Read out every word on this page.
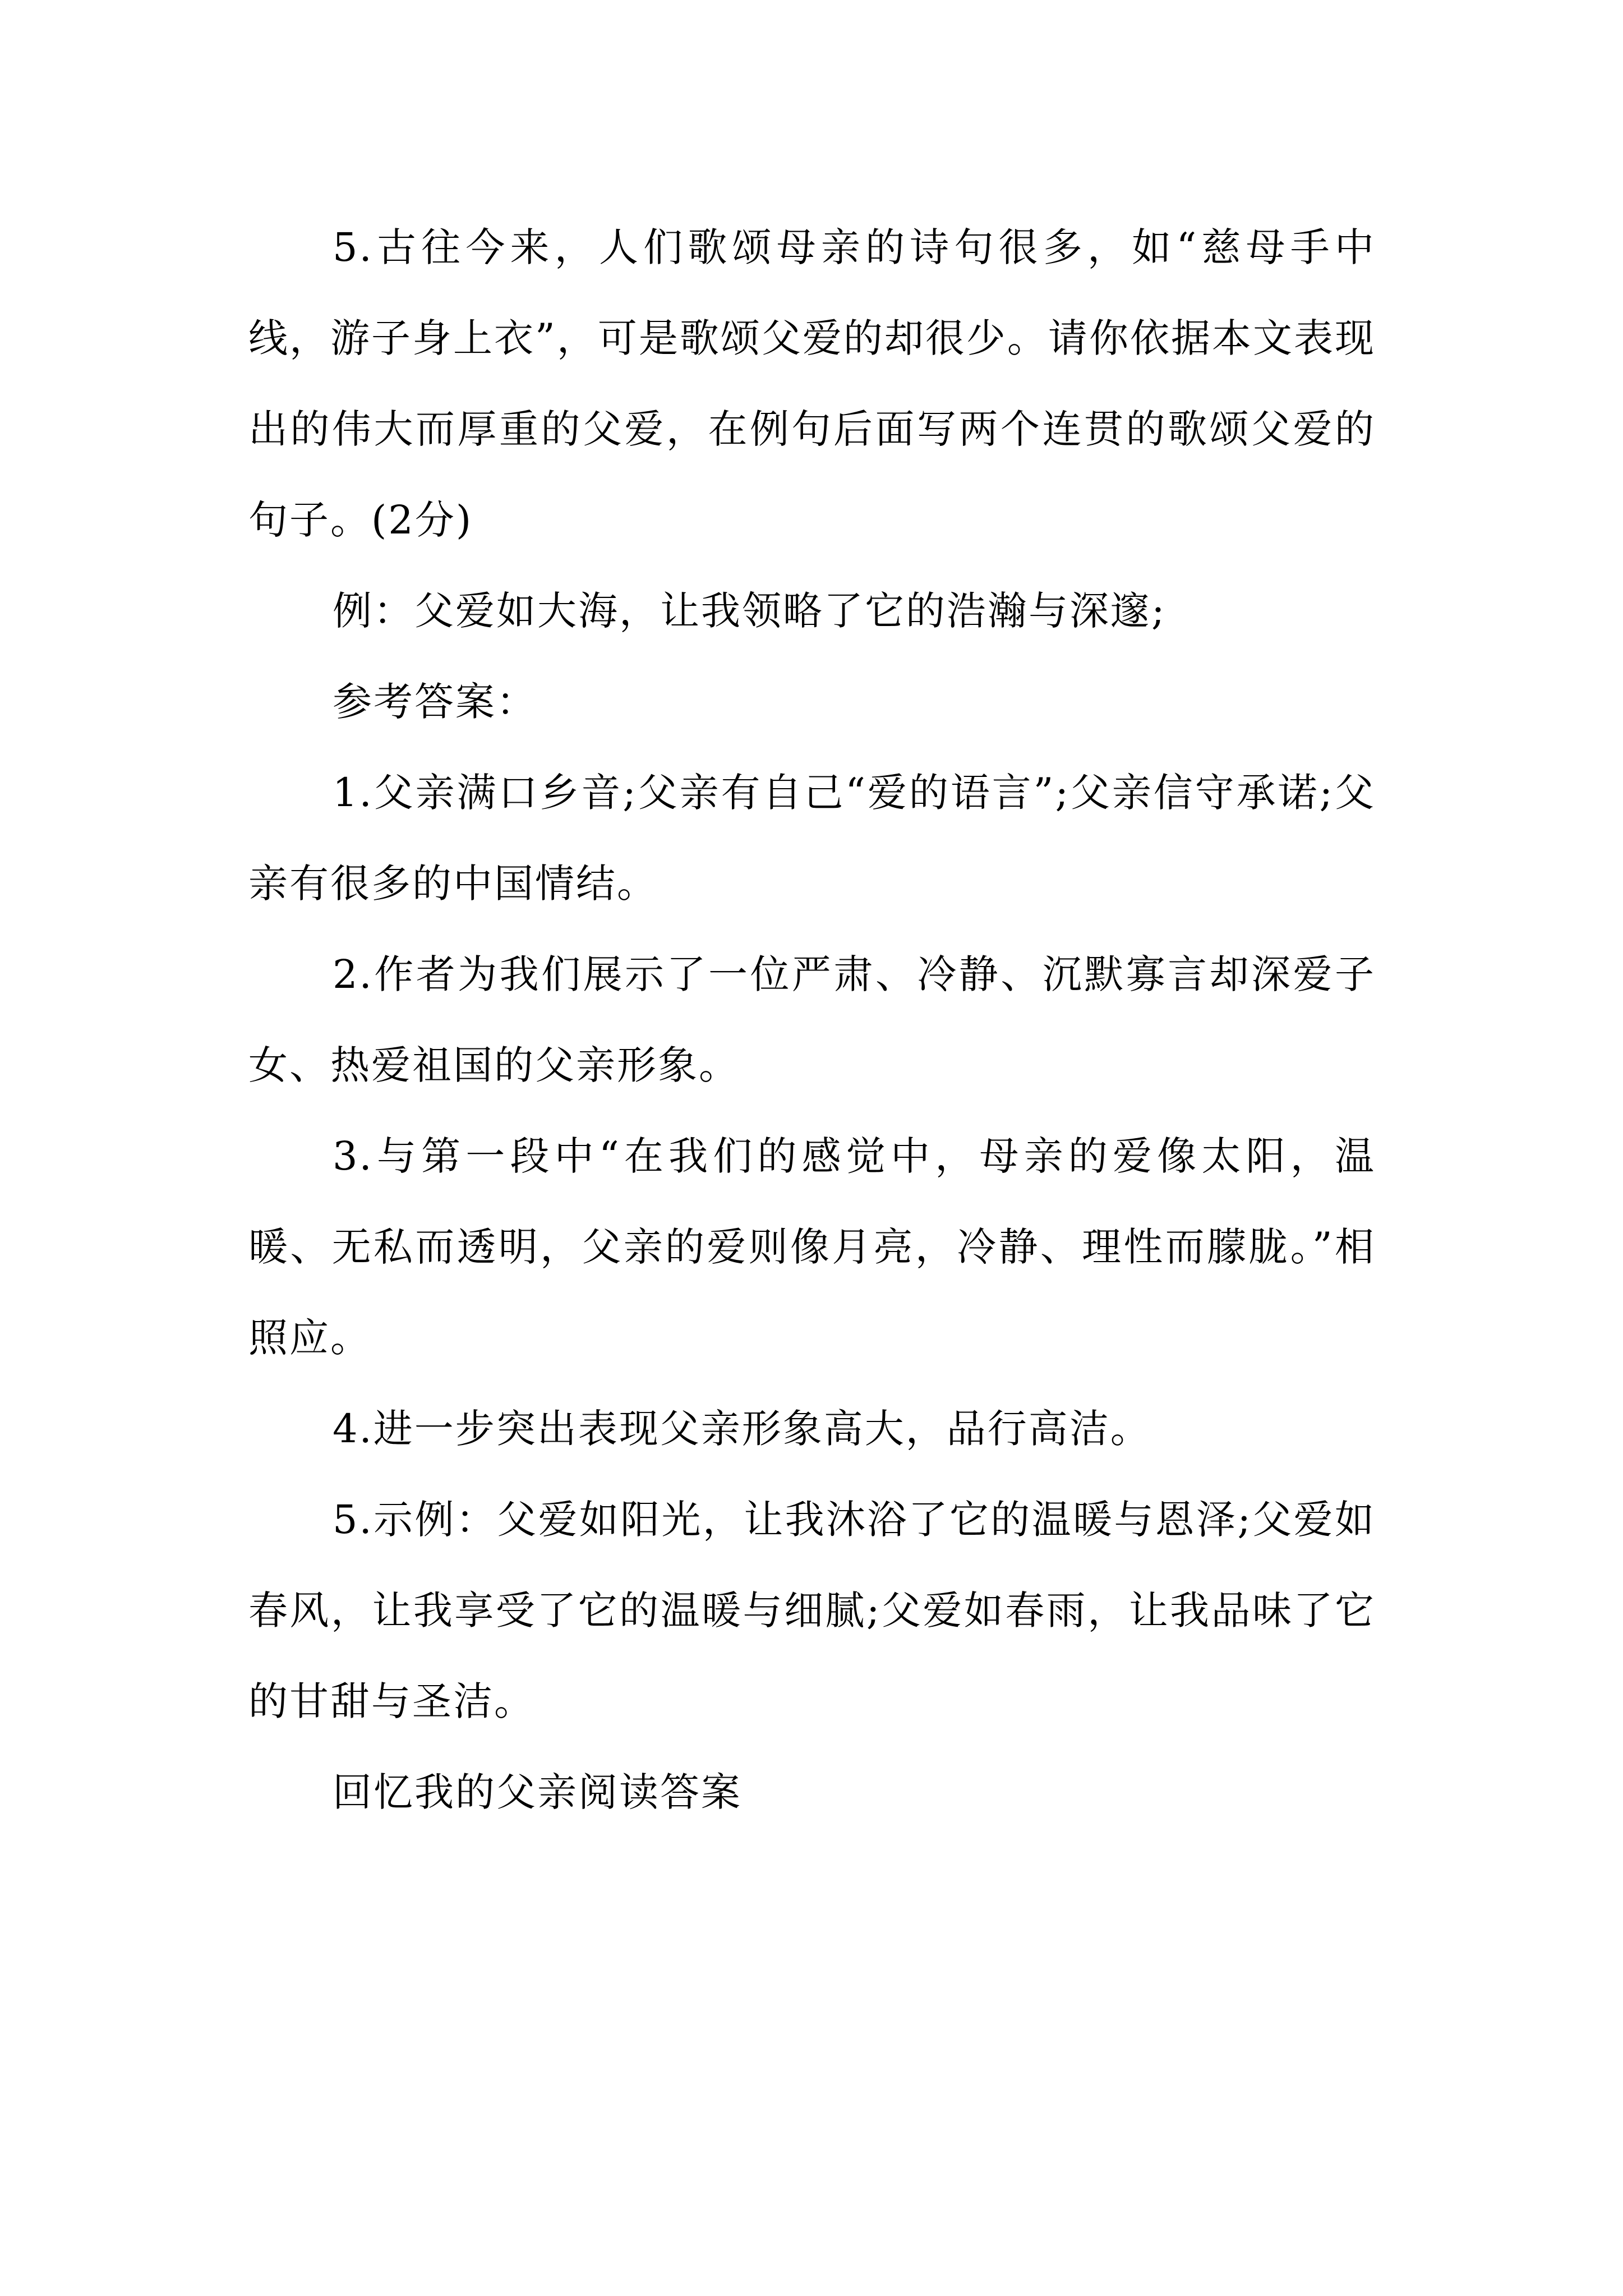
5.古往今来，人们歌颂母亲的诗句很多，如“慈母手中线，游子身上衣”，可是歌颂父爱的却很少。请你依据本文表现出的伟大而厚重的父爱，在例句后面写两个连贯的歌颂父爱的句子。(2分)

例：父爱如大海，让我领略了它的浩瀚与深邃;

参考答案：

1.父亲满口乡音;父亲有自己“爱的语言”;父亲信守承诺;父亲有很多的中国情结。

2.作者为我们展示了一位严肃、冷静、沉默寡言却深爱子女、热爱祖国的父亲形象。

3.与第一段中“在我们的感觉中，母亲的爱像太阳，温暖、无私而透明，父亲的爱则像月亮，冷静、理性而朦胧。”相照应。

4.进一步突出表现父亲形象高大，品行高洁。

5.示例：父爱如阳光，让我沐浴了它的温暖与恩泽;父爱如春风，让我享受了它的温暖与细腻;父爱如春雨，让我品味了它的甘甜与圣洁。

回忆我的父亲阅读答案
